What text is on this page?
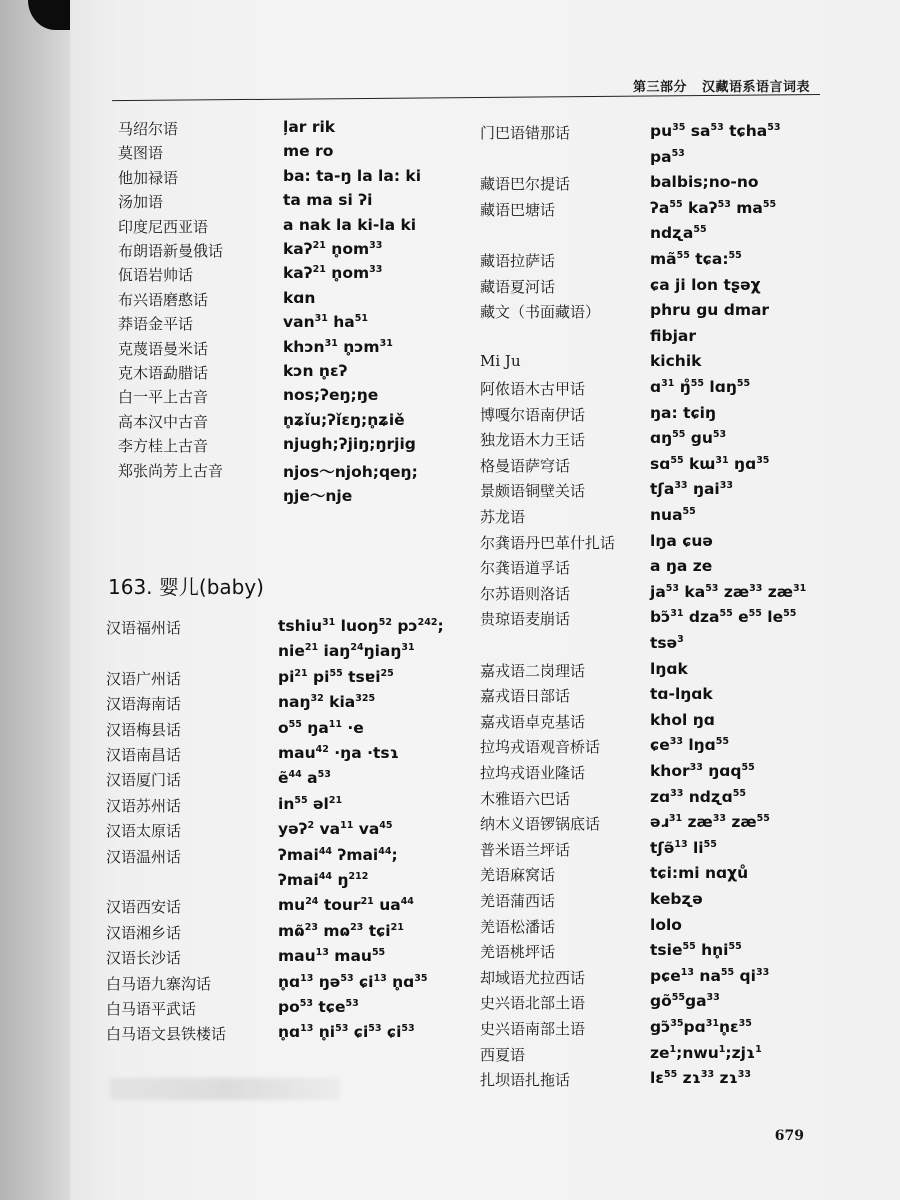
第三部分 汉藏语系语言词表
马绍尔语	ļar rik
莫图语	me ro
他加禄语	ba: ta-ŋ la la: ki
汤加语	ta ma si ʔi
印度尼西亚语	a nak la ki-la ki
布朗语新曼俄话	kaʔ$^{21}$ $n̥om^{33}$
佤语岩帅话	kaʔ$^{21}$ $n̥om^{33}$
布兴语磨憨话	kɑn
莽语金平话	van$^{31}$ $ha^{51}$
克蔑语曼米话	khɔn$^{31}$ n̥ɔm$^{31}$
克木语勐腊话	kɔn n̥ɛʔ
白一平上古音	nos;ʔeŋ;ŋe
高本汉中古音	n̥ʑǐu;ʔǐɛŋ;n̥ʑiě
李方桂上古音	njugh;ʔjiŋ;ŋrjig
郑张尚芳上古音	njos～njoh;qeŋ;
ŋje～nje
163. 婴儿(baby)
汉语福州话	tshiu$^{31}$ luoŋ$^{52}$ pɔ$^{242}$;
nie$^{21}$ iaŋ$^{24}$ŋiaŋ$^{31}$
汉语广州话	$pi^{21}$ $pi^{55}$ tsɐi$^{25}$
汉语海南话	naŋ$^{32}$ kia$^{325}$
汉语梅县话	$o^{55}$ $ŋa^{11} \cdot e$
汉语南昌话	mau$^{42}$ ·ŋa ·tsɿ
汉语厦门话	ẽ$^{44}$ $a^{53}$
汉语苏州话	$in^{55}$ əl$^{21}$
汉语太原话	yəʔ$^2$ $va^{11}$ $va^{45}$
汉语温州话	ʔmai$^{44}$ ʔmai$^{44}$;
ʔmai$^{44}$ $ŋ^{212}$
汉语西安话	$mu^{24}$ tour$^{21}$ $ua^{44}$
汉语湘乡话	mɷ̃$^{23}$ mɷ$^{23}$ tɕi$^{21}$
汉语长沙话	mau$^{13}$ mau$^{55}$
白马语九寨沟话	n̥ɑ$^{13}$ ŋə$^{53}$ ɕi$^{13}$ n̥ɑ$^{35}$
白马语平武话	$po^{53}$ tɕe$^{53}$
白马语文县铁楼话	n̥ɑ$^{13}$ $n̥i^{53}$ ɕi$^{53}$ ɕi$^{53}$
门巴语错那话	$pu^{35}$ $sa^{53}$ tɕha$^{53}$
$pa^{53}$
藏语巴尔提话	balbis;no-no
藏语巴塘话	ʔa$^{55}$ kaʔ$^{53}$ $ma^{55}$
ndʐa$^{55}$
藏语拉萨话	$mã^{55}$ tɕa:$^{55}$
藏语夏河话	ɕa ji lon tʂəχ
藏文（书面藏语）	phru gu dmar
fibjar
Mi Ju	kichik
阿侬语木古甲话	ɑ$^{31}$ ŋ̊$^{55}$ lɑŋ$^{55}$
博嘎尔语南伊话	ŋa: tɕiŋ
独龙语木力王话	ɑŋ$^{55}$ $gu^{53}$
格曼语萨穹话	sɑ$^{55}$ kɯ$^{31}$ ŋɑ$^{35}$
景颇语铜壁关话	tʃa$^{33}$ ŋai$^{33}$
苏龙语	nua$^{55}$
尔龚语丹巴革什扎话 lŋa ɕuə
尔龚语道孚话	a ŋa ze
尔苏语则洛话	$ja^{53}$ $ka^{53}$ $zæ^{33}$ $zæ^{31}$
贵琼语麦崩话	bɔ̃$^{31}$ dza$^{55}$ $e^{55}$ $le^{55}$
tsə$^3$
嘉戎语二岗理话	lŋɑk
嘉戎语日部话	tɑ-lŋɑk
嘉戎语卓克基话	khol ŋɑ
拉坞戎语观音桥话	ɕe$^{33}$ lŋɑ$^{55}$
拉坞戎语业隆话	khor$^{33}$ ŋɑq$^{55}$
木雅语六巴话	zɑ$^{33}$ ndʐɑ$^{55}$
纳木义语锣锅底话	əɹ$^{31}$ $zæ^{33}$ $zæ^{55}$
普米语兰坪话	tʃə̃$^{13}$ $li^{55}$
羌语麻窝话	tɕi:mi nɑχů
羌语蒲西话	kebʐə
羌语松潘话	lolo
羌语桃坪话	tsie$^{55}$ $hn̥i^{55}$
却域语尤拉西话	pɕe$^{13}$ $na^{55}$ $qi^{33}$
史兴语北部土语	$gõ^{55}ga^{33}$
史兴语南部土语	gɔ̃$^{35}$pɑ$^{31}$n̥ɛ$^{35}$
西夏语	$ze^1;nwu^1;zjɿ^1$
扎坝语扎拖话	lɛ$^{55}$ zɿ$^{33}$ zɿ$^{33}$
679
